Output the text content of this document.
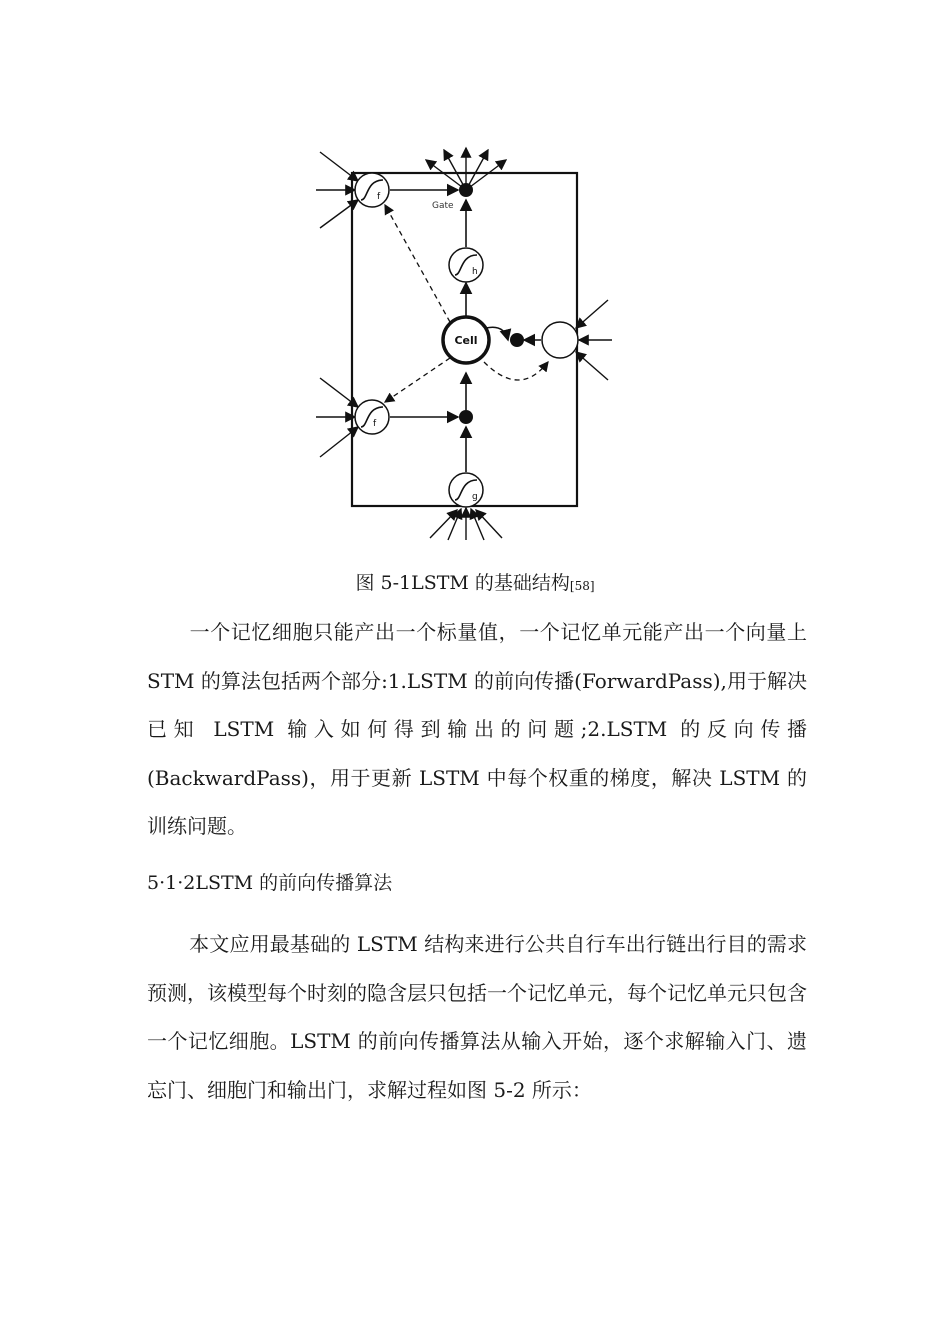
Cell
f
h
f
g
Gate
图 5-1LSTM 的基础结构$_{[58]}$

一个记忆细胞只能产出一个标量值，一个记忆单元能产出一个向量上 STM 的算法包括两个部分:1.LSTM 的前向传播(ForwardPass),用于解决已知 LSTM 输入如何得到输出的问题;2.LSTM 的反向传播(BackwardPass)，用于更新 LSTM 中每个权重的梯度，解决 LSTM 的训练问题。

5·1·2LSTM 的前向传播算法

本文应用最基础的 LSTM 结构来进行公共自行车出行链出行目的需求预测，该模型每个时刻的隐含层只包括一个记忆单元，每个记忆单元只包含一个记忆细胞。LSTM 的前向传播算法从输入开始，逐个求解输入门、遗忘门、细胞门和输出门，求解过程如图 5-2 所示：
